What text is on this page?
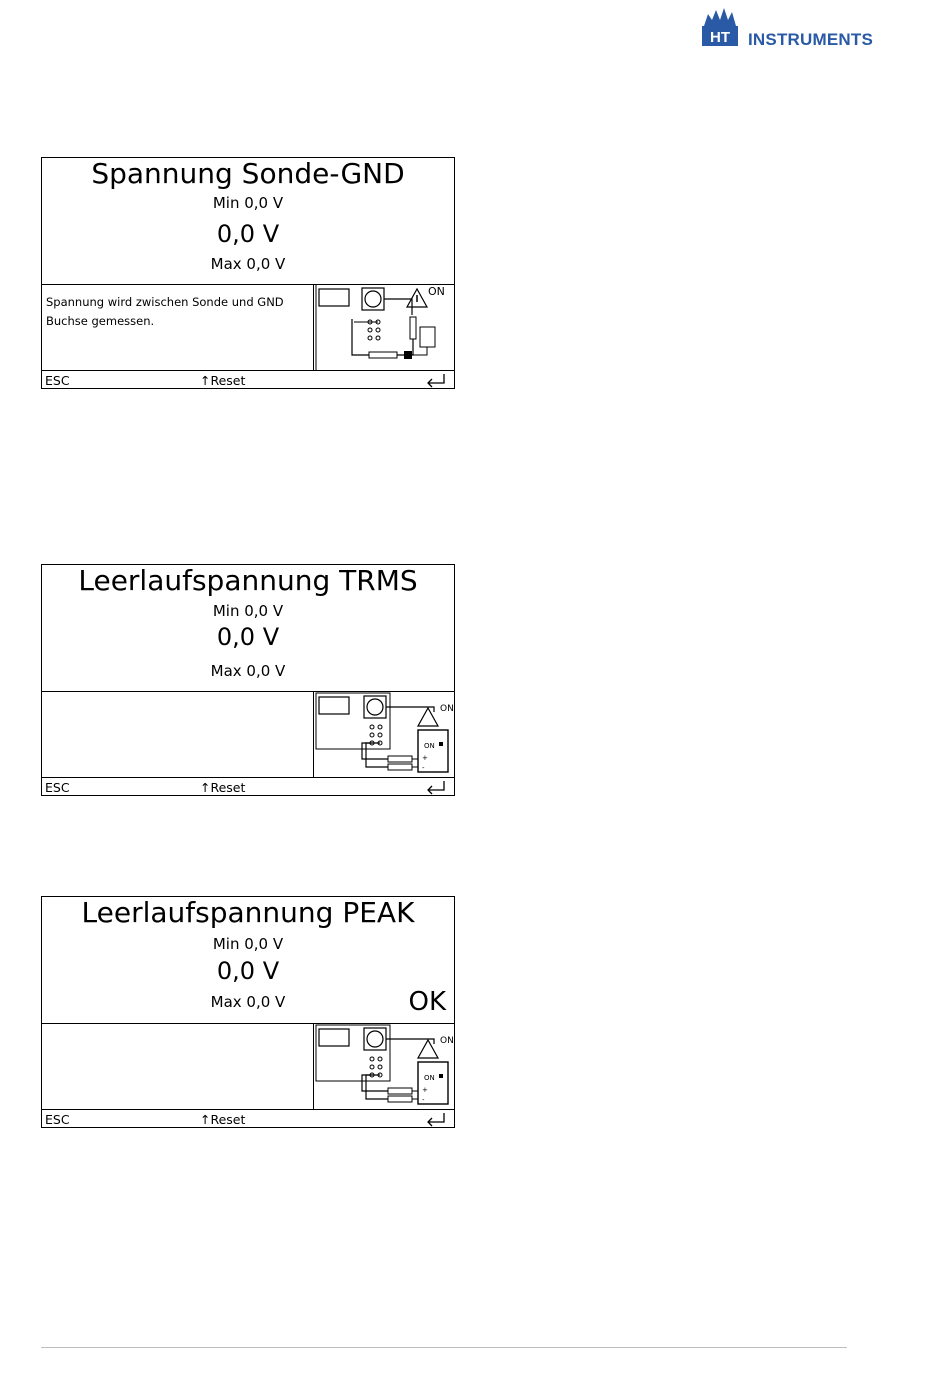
HT INSTRUMENTS
Spannung Sonde-GND
Min 0,0 V
0,0 V
Max 0,0 V
Spannung wird zwischen Sonde und GND Buchse gemessen.
ON
ESC	↑Reset
Leerlaufspannung TRMS
Min 0,0 V
0,0 V
Max 0,0 V
ON
+
-
ON
ESC	↑Reset
Leerlaufspannung PEAK
Min 0,0 V
0,0 V
Max 0,0 V	OK
ON
+
-
ON
ESC	↑Reset
